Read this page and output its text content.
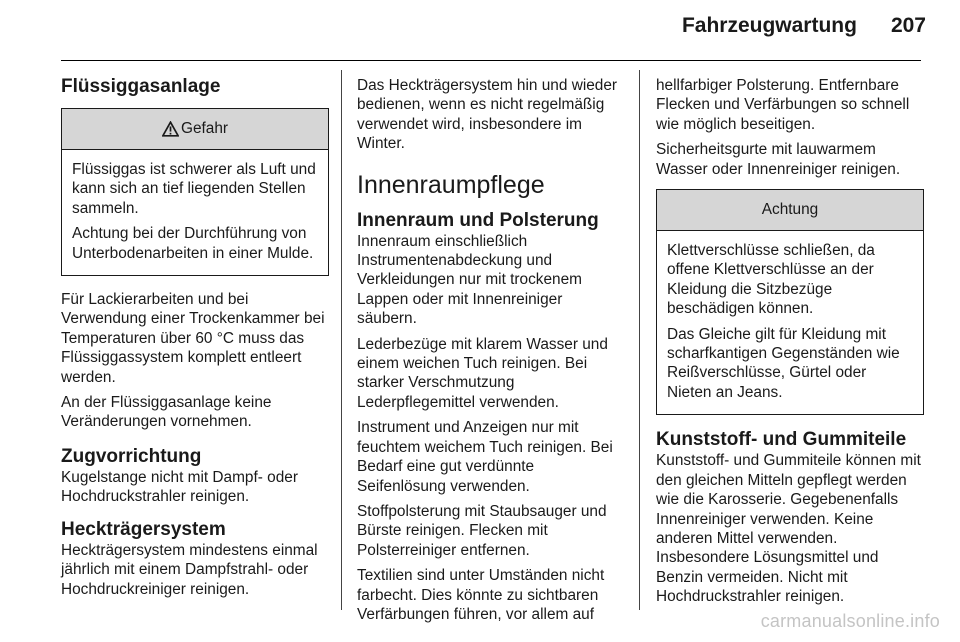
Fahrzeugwartung 207
Flüssiggasanlage
Gefahr

Flüssiggas ist schwerer als Luft und kann sich an tief liegenden Stellen sammeln.

Achtung bei der Durchführung von Unterbodenarbeiten in einer Mulde.

Für Lackierarbeiten und bei Verwendung einer Trockenkammer bei Temperaturen über 60 °C muss das Flüssiggassystem komplett entleert werden.

An der Flüssiggasanlage keine Veränderungen vornehmen.

Zugvorrichtung

Kugelstange nicht mit Dampf- oder Hochdruckstrahler reinigen.

Heckträgersystem

Heckträgersystem mindestens einmal jährlich mit einem Dampfstrahl- oder Hochdruckreiniger reinigen.

Das Heckträgersystem hin und wieder bedienen, wenn es nicht regelmäßig verwendet wird, insbesondere im Winter.

Innenraumpflege
Innenraum und Polsterung

Innenraum einschließlich Instrumentenabdeckung und Verkleidungen nur mit trockenem Lappen oder mit Innenreiniger säubern.

Lederbezüge mit klarem Wasser und einem weichen Tuch reinigen. Bei starker Verschmutzung Lederpflegemittel verwenden.

Instrument und Anzeigen nur mit feuchtem weichem Tuch reinigen. Bei Bedarf eine gut verdünnte Seifenlösung verwenden.

Stoffpolsterung mit Staubsauger und Bürste reinigen. Flecken mit Polsterreiniger entfernen.

Textilien sind unter Umständen nicht farbecht. Dies könnte zu sichtbaren Verfärbungen führen, vor allem auf

hellfarbiger Polsterung. Entfernbare Flecken und Verfärbungen so schnell wie möglich beseitigen.

Sicherheitsgurte mit lauwarmem Wasser oder Innenreiniger reinigen.

Achtung

Klettverschlüsse schließen, da offene Klettverschlüsse an der Kleidung die Sitzbezüge beschädigen können.

Das Gleiche gilt für Kleidung mit scharfkantigen Gegenständen wie Reißverschlüsse, Gürtel oder Nieten an Jeans.

Kunststoff- und Gummiteile

Kunststoff- und Gummiteile können mit den gleichen Mitteln gepflegt werden wie die Karosserie. Gegebenenfalls Innenreiniger verwenden. Keine anderen Mittel verwenden. Insbesondere Lösungsmittel und Benzin vermeiden. Nicht mit Hochdruckstrahler reinigen.

carmanualsonline.info
